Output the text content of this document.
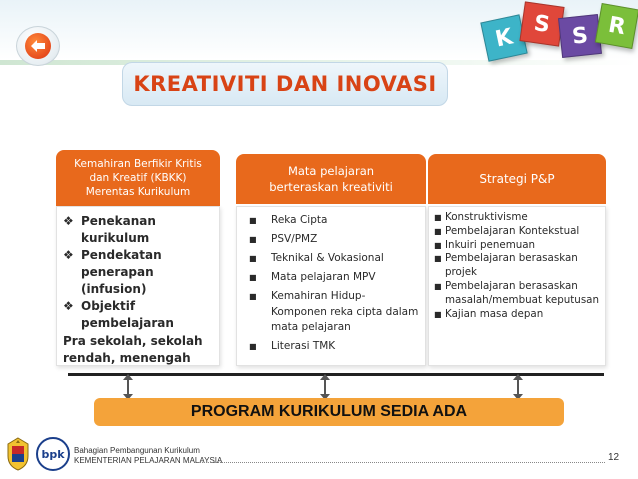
K
S S R
KREATIVITI DAN INOVASI
Kemahiran Berfikir Kritis
dan Kreatif (KBKK)
Merentas Kurikulum
❖ Penekanan kurikulum
❖ Pendekatan penerapan (infusion)
❖ Objektif pembelajaran
Pra sekolah, sekolah rendah, menengah
Mata pelajaran
berteraskan kreativiti
■ Reka Cipta
■ PSV/PMZ
■ Teknikal & Vokasional
■ Mata pelajaran MPV
■ Kemahiran Hidup- Komponen reka cipta dalam mata pelajaran
■ Literasi TMK
Strategi P&P
■ Konstruktivisme
■ Pembelajaran Kontekstual
■ Inkuiri penemuan
■ Pembelajaran berasaskan projek
■ Pembelajaran berasaskan masalah/membuat keputusan
■ Kajian masa depan
PROGRAM KURIKULUM SEDIA ADA
bpk Bahagian Pembangunan Kurikulum
KEMENTERIAN PELAJARAN MALAYSIA	12
